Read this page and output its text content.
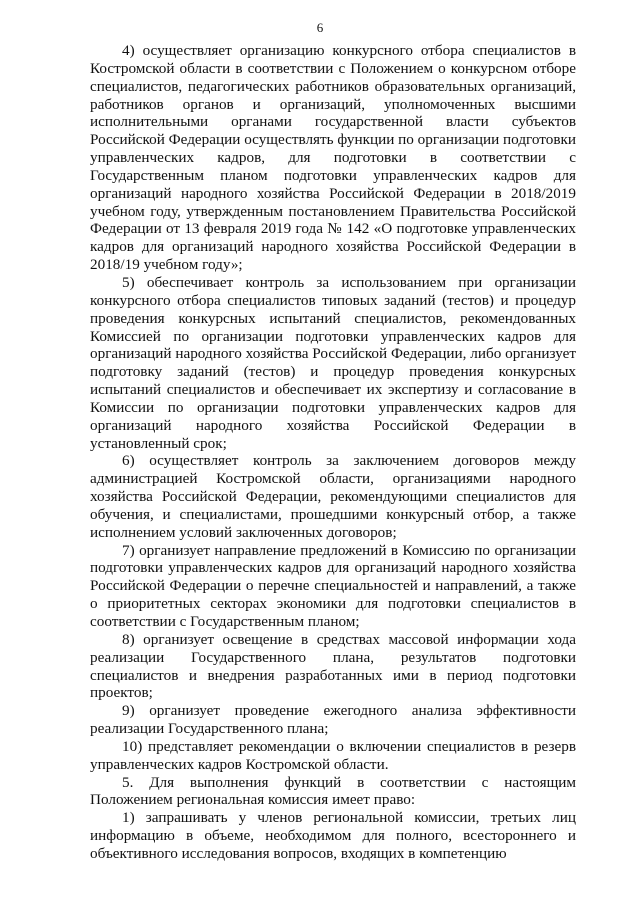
6

4) осуществляет организацию конкурсного отбора специалистов в Костромской области в соответствии с Положением о конкурсном отборе специалистов, педагогических работников образовательных организаций, работников органов и организаций, уполномоченных высшими исполнительными органами государственной власти субъектов Российской Федерации осуществлять функции по организации подготовки управленческих кадров, для подготовки в соответствии с Государственным планом подготовки управленческих кадров для организаций народного хозяйства Российской Федерации в 2018/2019 учебном году, утвержденным постановлением Правительства Российской Федерации от 13 февраля 2019 года № 142 «О подготовке управленческих кадров для организаций народного хозяйства Российской Федерации в 2018/19 учебном году»;

5) обеспечивает контроль за использованием при организации конкурсного отбора специалистов типовых заданий (тестов) и процедур проведения конкурсных испытаний специалистов, рекомендованных Комиссией по организации подготовки управленческих кадров для организаций народного хозяйства Российской Федерации, либо организует подготовку заданий (тестов) и процедур проведения конкурсных испытаний специалистов и обеспечивает их экспертизу и согласование в Комиссии по организации подготовки управленческих кадров для организаций народного хозяйства Российской Федерации в установленный срок;

6) осуществляет контроль за заключением договоров между администрацией Костромской области, организациями народного хозяйства Российской Федерации, рекомендующими специалистов для обучения, и специалистами, прошедшими конкурсный отбор, а также исполнением условий заключенных договоров;

7) организует направление предложений в Комиссию по организации подготовки управленческих кадров для организаций народного хозяйства Российской Федерации о перечне специальностей и направлений, а также о приоритетных секторах экономики для подготовки специалистов в соответствии с Государственным планом;

8) организует освещение в средствах массовой информации хода реализации Государственного плана, результатов подготовки специалистов и внедрения разработанных ими в период подготовки проектов;

9) организует проведение ежегодного анализа эффективности реализации Государственного плана;

10) представляет рекомендации о включении специалистов в резерв управленческих кадров Костромской области.

5. Для выполнения функций в соответствии с настоящим Положением региональная комиссия имеет право:

1) запрашивать у членов региональной комиссии, третьих лиц информацию в объеме, необходимом для полного, всестороннего и объективного исследования вопросов, входящих в компетенцию
